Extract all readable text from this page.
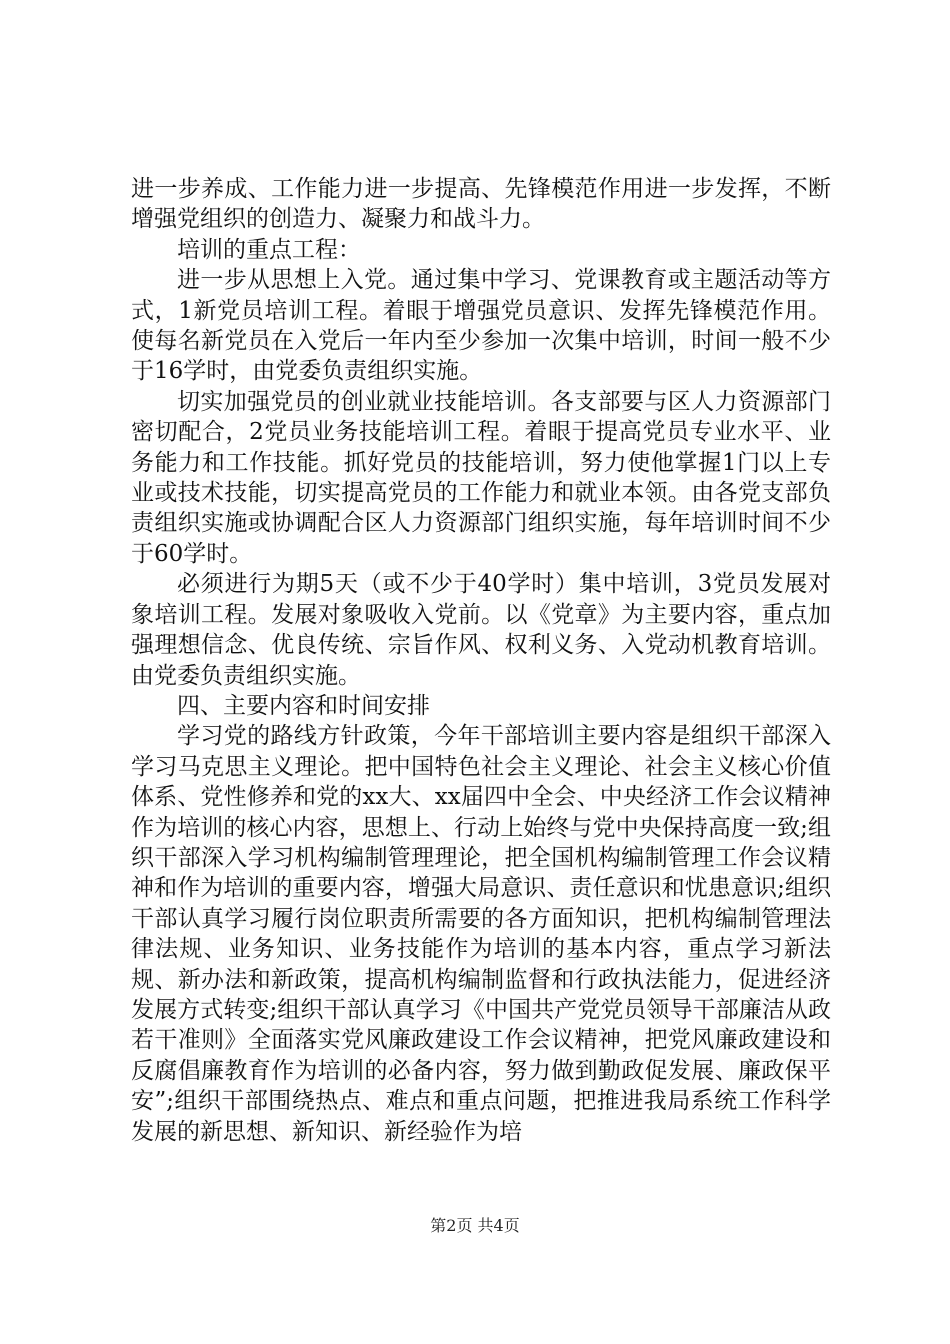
进一步养成、工作能力进一步提高、先锋模范作用进一步发挥，不断增强党组织的创造力、凝聚力和战斗力。

培训的重点工程：

进一步从思想上入党。通过集中学习、党课教育或主题活动等方式，1新党员培训工程。着眼于增强党员意识、发挥先锋模范作用。使每名新党员在入党后一年内至少参加一次集中培训，时间一般不少于16学时，由党委负责组织实施。

切实加强党员的创业就业技能培训。各支部要与区人力资源部门密切配合，2党员业务技能培训工程。着眼于提高党员专业水平、业务能力和工作技能。抓好党员的技能培训，努力使他掌握1门以上专业或技术技能，切实提高党员的工作能力和就业本领。由各党支部负责组织实施或协调配合区人力资源部门组织实施，每年培训时间不少于60学时。

必须进行为期5天（或不少于40学时）集中培训，3党员发展对象培训工程。发展对象吸收入党前。以《党章》为主要内容，重点加强理想信念、优良传统、宗旨作风、权利义务、入党动机教育培训。由党委负责组织实施。

四、主要内容和时间安排

学习党的路线方针政策，今年干部培训主要内容是组织干部深入学习马克思主义理论。把中国特色社会主义理论、社会主义核心价值体系、党性修养和党的xx大、xx届四中全会、中央经济工作会议精神作为培训的核心内容，思想上、行动上始终与党中央保持高度一致;组织干部深入学习机构编制管理理论，把全国机构编制管理工作会议精神和作为培训的重要内容，增强大局意识、责任意识和忧患意识;组织干部认真学习履行岗位职责所需要的各方面知识，把机构编制管理法律法规、业务知识、业务技能作为培训的基本内容，重点学习新法规、新办法和新政策，提高机构编制监督和行政执法能力，促进经济发展方式转变;组织干部认真学习《中国共产党党员领导干部廉洁从政若干准则》全面落实党风廉政建设工作会议精神，把党风廉政建设和反腐倡廉教育作为培训的必备内容，努力做到勤政促发展、廉政保平安”;组织干部围绕热点、难点和重点问题，把推进我局系统工作科学发展的新思想、新知识、新经验作为培

第2页 共4页
